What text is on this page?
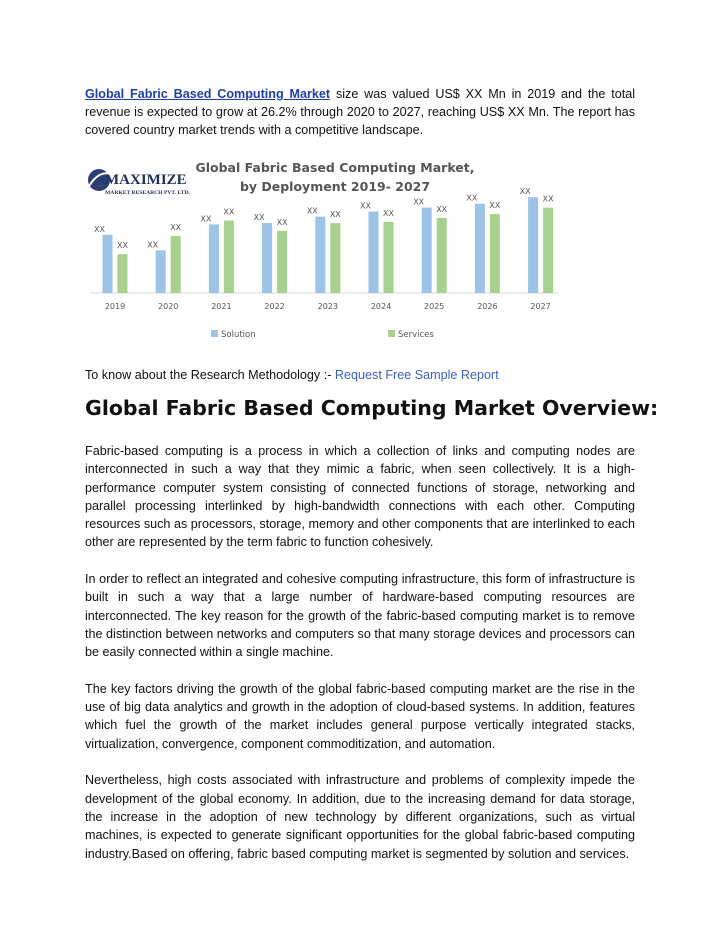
Global Fabric Based Computing Market size was valued US$ XX Mn in 2019 and the total revenue is expected to grow at 26.2% through 2020 to 2027, reaching US$ XX Mn. The report has covered country market trends with a competitive landscape.
MAXIMIZE
MARKET RESEARCH PVT. LTD.
Global Fabric Based Computing Market,
by Deployment 2019- 2027
XX
XX XX
XX
XX
XX
XX
XX
XX XX
XX
XX
XX
XX
XX
XX
XX
XX
2019	2020	2021	2022	2023	2024	2025	2026	2027
Solution	Services
To know about the Research Methodology :- Request Free Sample Report
Global Fabric Based Computing Market Overview:

Fabric-based computing is a process in which a collection of links and computing nodes are interconnected in such a way that they mimic a fabric, when seen collectively. It is a high-performance computer system consisting of connected functions of storage, networking and parallel processing interlinked by high-bandwidth connections with each other. Computing resources such as processors, storage, memory and other components that are interlinked to each other are represented by the term fabric to function cohesively.

In order to reflect an integrated and cohesive computing infrastructure, this form of infrastructure is built in such a way that a large number of hardware-based computing resources are interconnected. The key reason for the growth of the fabric-based computing market is to remove the distinction between networks and computers so that many storage devices and processors can be easily connected within a single machine.

The key factors driving the growth of the global fabric-based computing market are the rise in the use of big data analytics and growth in the adoption of cloud-based systems. In addition, features which fuel the growth of the market includes general purpose vertically integrated stacks, virtualization, convergence, component commoditization, and automation.

Nevertheless, high costs associated with infrastructure and problems of complexity impede the development of the global economy. In addition, due to the increasing demand for data storage, the increase in the adoption of new technology by different organizations, such as virtual machines, is expected to generate significant opportunities for the global fabric-based computing industry.Based on offering, fabric based computing market is segmented by solution and services.
